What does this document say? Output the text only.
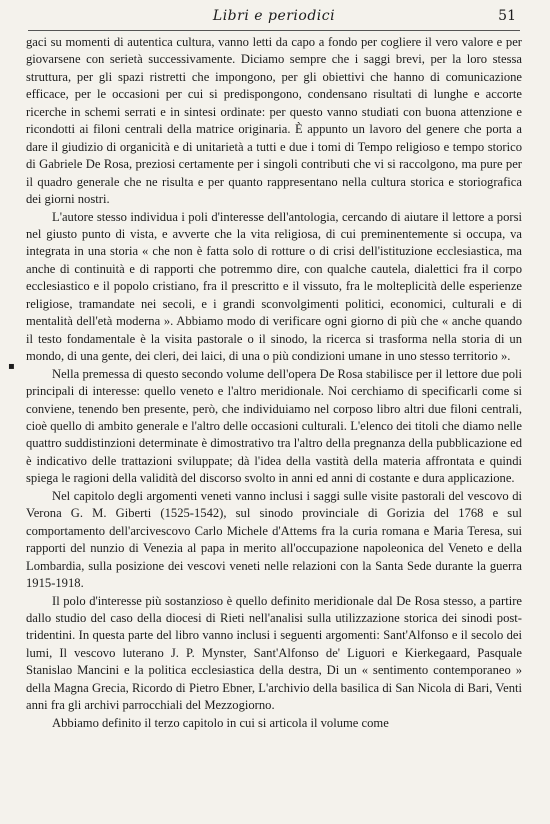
Libri e periodici	51
▪

gaci su momenti di autentica cultura, vanno letti da capo a fondo per cogliere il vero valore e per giovarsene con serietà successivamente. Diciamo sempre che i saggi brevi, per la loro stessa struttura, per gli spazi ristretti che impongono, per gli obiettivi che hanno di comunicazione efficace, per le occasioni per cui si predispongono, condensano risultati di lunghe e accorte ricerche in schemi serrati e in sintesi ordinate: per questo vanno studiati con buona attenzione e ricondotti ai filoni centrali della matrice originaria. È appunto un lavoro del genere che porta a dare il giudizio di organicità e di unitarietà a tutti e due i tomi di Tempo religioso e tempo storico di Gabriele De Rosa, preziosi certamente per i singoli contributi che vi si raccolgono, ma pure per il quadro generale che ne risulta e per quanto rappresentano nella cultura storica e storiografica dei giorni nostri.

L'autore stesso individua i poli d'interesse dell'antologia, cercando di aiutare il lettore a porsi nel giusto punto di vista, e avverte che la vita religiosa, di cui preminentemente si occupa, va integrata in una storia « che non è fatta solo di rotture o di crisi dell'istituzione ecclesiastica, ma anche di continuità e di rapporti che potremmo dire, con qualche cautela, dialettici fra il corpo ecclesiastico e il popolo cristiano, fra il prescritto e il vissuto, fra le molteplicità delle esperienze religiose, tramandate nei secoli, e i grandi sconvolgimenti politici, economici, culturali e di mentalità dell'età moderna ». Abbiamo modo di verificare ogni giorno di più che « anche quando il testo fondamentale è la visita pastorale o il sinodo, la ricerca si trasforma nella storia di un mondo, di una gente, dei cleri, dei laici, di una o più condizioni umane in uno stesso territorio ».

Nella premessa di questo secondo volume dell'opera De Rosa stabilisce per il lettore due poli principali di interesse: quello veneto e l'altro meridionale. Noi cerchiamo di specificarli come si conviene, tenendo ben presente, però, che individuiamo nel corposo libro altri due filoni centrali, cioè quello di ambito generale e l'altro delle occasioni culturali. L'elenco dei titoli che diamo nelle quattro suddistinzioni determinate è dimostrativo tra l'altro della pregnanza della pubblicazione ed è indicativo delle trattazioni sviluppate; dà l'idea della vastità della materia affrontata e quindi spiega le ragioni della validità del discorso svolto in anni ed anni di costante e dura applicazione.

Nel capitolo degli argomenti veneti vanno inclusi i saggi sulle visite pastorali del vescovo di Verona G. M. Giberti (1525-1542), sul sinodo provinciale di Gorizia del 1768 e sul comportamento dell'arcivescovo Carlo Michele d'Attems fra la curia romana e Maria Teresa, sui rapporti del nunzio di Venezia al papa in merito all'occupazione napoleonica del Veneto e della Lombardia, sulla posizione dei vescovi veneti nelle relazioni con la Santa Sede durante la guerra 1915-1918.

Il polo d'interesse più sostanzioso è quello definito meridionale dal De Rosa stesso, a partire dallo studio del caso della diocesi di Rieti nell'analisi sulla utilizzazione storica dei sinodi post-tridentini. In questa parte del libro vanno inclusi i seguenti argomenti: Sant'Alfonso e il secolo dei lumi, Il vescovo luterano J. P. Mynster, Sant'Alfonso de' Liguori e Kierkegaard, Pasquale Stanislao Mancini e la politica ecclesiastica della destra, Di un « sentimento contemporaneo » della Magna Grecia, Ricordo di Pietro Ebner, L'archivio della basilica di San Nicola di Bari, Venti anni fra gli archivi parrocchiali del Mezzogiorno.

Abbiamo definito il terzo capitolo in cui si articola il volume come
